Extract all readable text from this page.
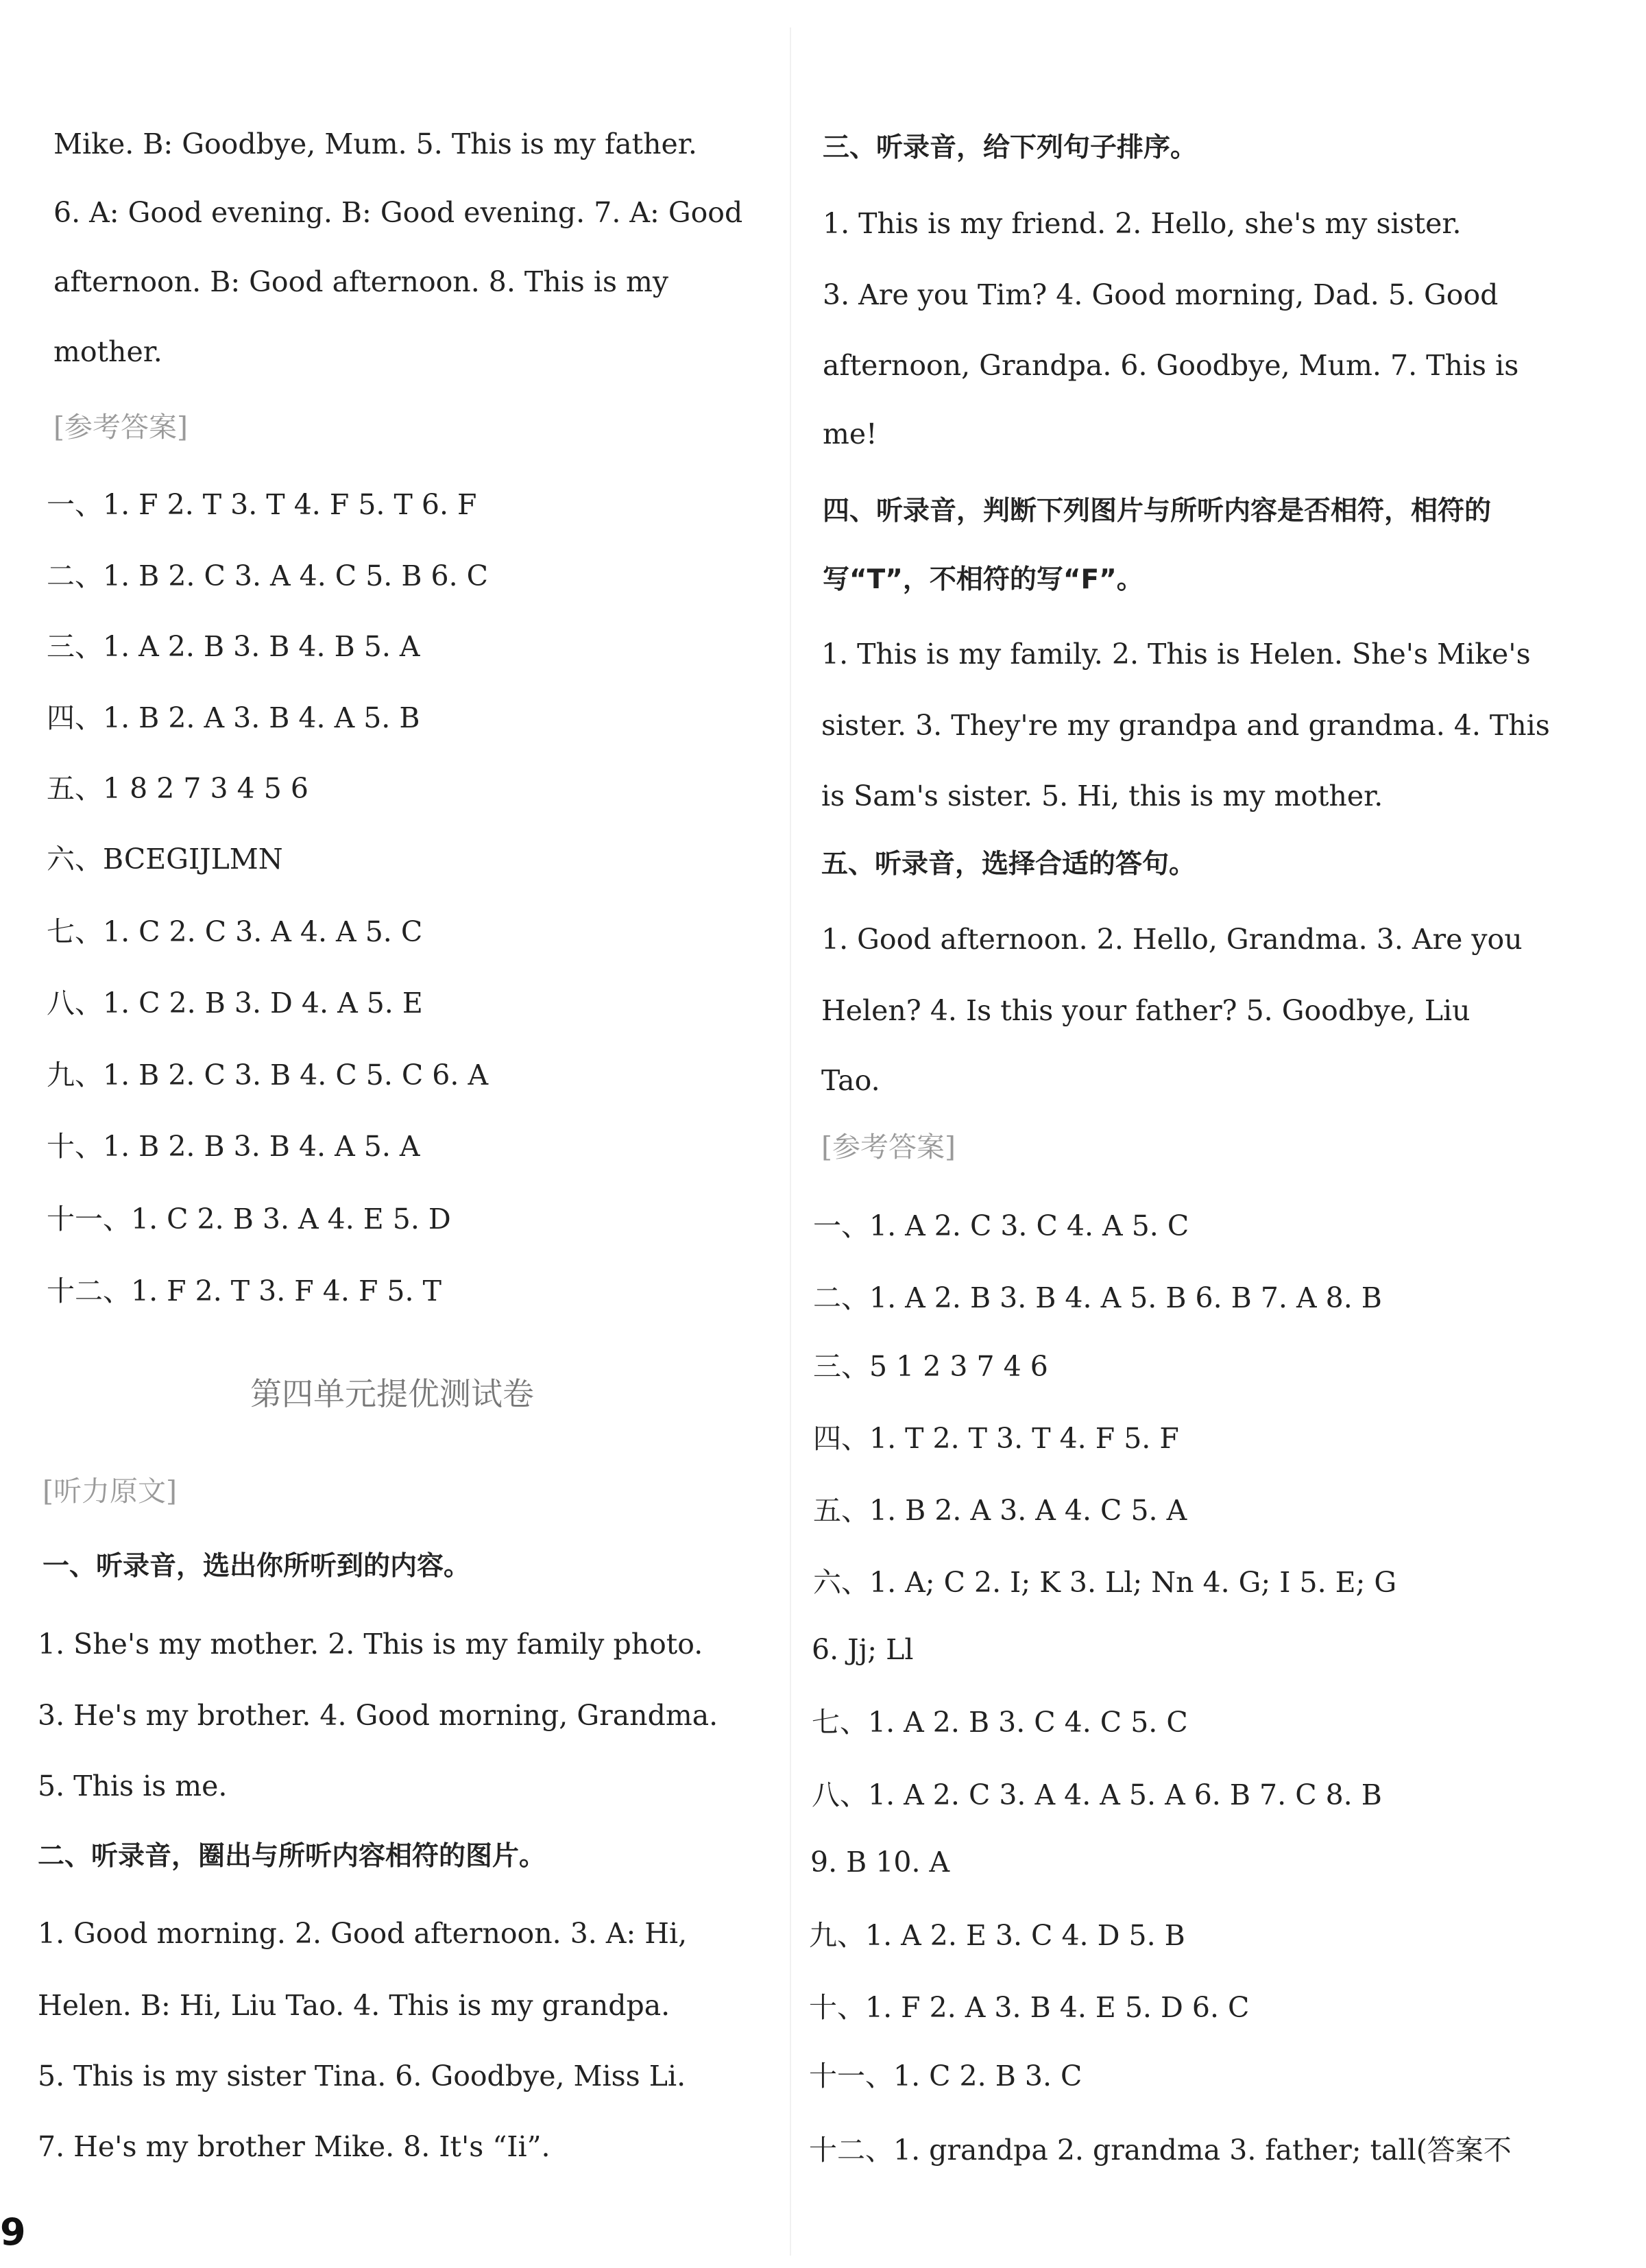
Mike. B: Goodbye, Mum. 5. This is my father.
6. A: Good evening. B: Good evening. 7. A: Good
afternoon. B: Good afternoon. 8. This is my
mother.
[参考答案]
一、1. F 2. T 3. T 4. F 5. T 6. F
二、1. B 2. C 3. A 4. C 5. B 6. C
三、1. A 2. B 3. B 4. B 5. A
四、1. B 2. A 3. B 4. A 5. B
五、1 8 2 7 3 4 5 6
六、BCEGIJLMN
七、1. C 2. C 3. A 4. A 5. C
八、1. C 2. B 3. D 4. A 5. E
九、1. B 2. C 3. B 4. C 5. C 6. A
十、1. B 2. B 3. B 4. A 5. A
十一、1. C 2. B 3. A 4. E 5. D
十二、1. F 2. T 3. F 4. F 5. T
第四单元提优测试卷
[听力原文]
一、听录音，选出你所听到的内容。
1. She's my mother. 2. This is my family photo.
3. He's my brother. 4. Good morning, Grandma.
5. This is me.
二、听录音，圈出与所听内容相符的图片。
1. Good morning. 2. Good afternoon. 3. A: Hi,
Helen. B: Hi, Liu Tao. 4. This is my grandpa.
5. This is my sister Tina. 6. Goodbye, Miss Li.
7. He's my brother Mike. 8. It's “Ii”.
三、听录音，给下列句子排序。
1. This is my friend. 2. Hello, she's my sister.
3. Are you Tim? 4. Good morning, Dad. 5. Good
afternoon, Grandpa. 6. Goodbye, Mum. 7. This is
me!
四、听录音，判断下列图片与所听内容是否相符，相符的
写“T”，不相符的写“F”。
1. This is my family. 2. This is Helen. She's Mike's
sister. 3. They're my grandpa and grandma. 4. This
is Sam's sister. 5. Hi, this is my mother.
五、听录音，选择合适的答句。
1. Good afternoon. 2. Hello, Grandma. 3. Are you
Helen? 4. Is this your father? 5. Goodbye, Liu
Tao.
[参考答案]
一、1. A 2. C 3. C 4. A 5. C
二、1. A 2. B 3. B 4. A 5. B 6. B 7. A 8. B
三、5 1 2 3 7 4 6
四、1. T 2. T 3. T 4. F 5. F
五、1. B 2. A 3. A 4. C 5. A
六、1. A; C 2. I; K 3. Ll; Nn 4. G; I 5. E; G
6. Jj; Ll
七、1. A 2. B 3. C 4. C 5. C
八、1. A 2. C 3. A 4. A 5. A 6. B 7. C 8. B
9. B 10. A
九、1. A 2. E 3. C 4. D 5. B
十、1. F 2. A 3. B 4. E 5. D 6. C
十一、1. C 2. B 3. C
十二、1. grandpa 2. grandma 3. father; tall(答案不
9
